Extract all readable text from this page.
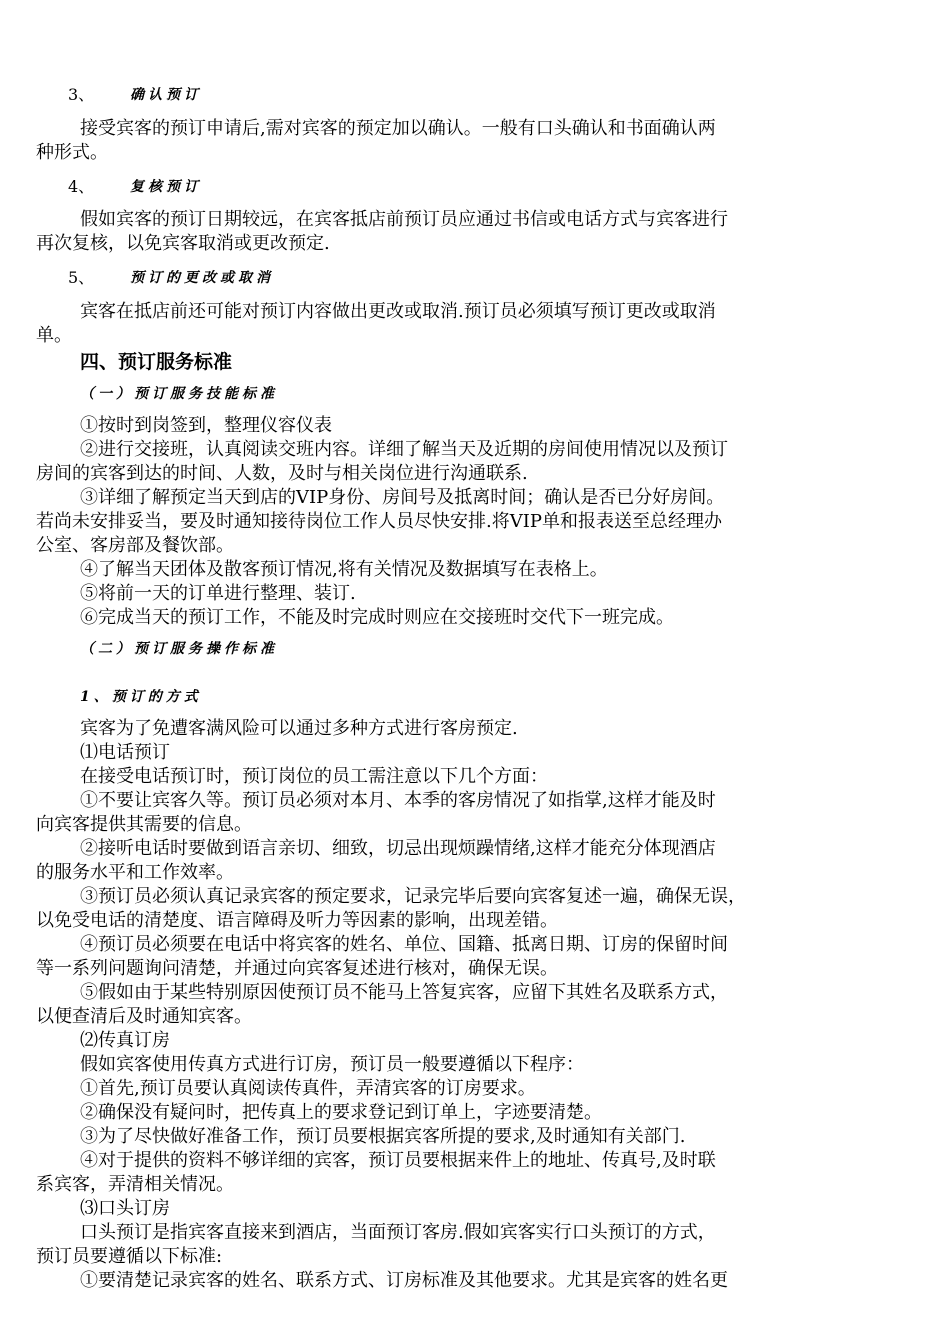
3、	确认预订
接受宾客的预订申请后,需对宾客的预定加以确认。一般有口头确认和书面确认两
种形式。
4、	复核预订
假如宾客的预订日期较远，在宾客抵店前预订员应通过书信或电话方式与宾客进行
再次复核，以免宾客取消或更改预定.
5、	预订的更改或取消
宾客在抵店前还可能对预订内容做出更改或取消.预订员必须填写预订更改或取消
单。
四、预订服务标准
（一）预订服务技能标准
①按时到岗签到，整理仪容仪表
②进行交接班，认真阅读交班内容。详细了解当天及近期的房间使用情况以及预订
房间的宾客到达的时间、人数，及时与相关岗位进行沟通联系.
③详细了解预定当天到店的VIP身份、房间号及抵离时间；确认是否已分好房间。
若尚未安排妥当，要及时通知接待岗位工作人员尽快安排.将VIP单和报表送至总经理办
公室、客房部及餐饮部。
④了解当天团体及散客预订情况,将有关情况及数据填写在表格上。
⑤将前一天的订单进行整理、装订.
⑥完成当天的预订工作，不能及时完成时则应在交接班时交代下一班完成。
（二）预订服务操作标准
1、预订的方式
宾客为了免遭客满风险可以通过多种方式进行客房预定.
⑴电话预订
在接受电话预订时，预订岗位的员工需注意以下几个方面：
①不要让宾客久等。预订员必须对本月、本季的客房情况了如指掌,这样才能及时
向宾客提供其需要的信息。
②接听电话时要做到语言亲切、细致，切忌出现烦躁情绪,这样才能充分体现酒店
的服务水平和工作效率。
③预订员必须认真记录宾客的预定要求，记录完毕后要向宾客复述一遍，确保无误，
以免受电话的清楚度、语言障碍及听力等因素的影响，出现差错。
④预订员必须要在电话中将宾客的姓名、单位、国籍、抵离日期、订房的保留时间
等一系列问题询问清楚，并通过向宾客复述进行核对，确保无误。
⑤假如由于某些特别原因使预订员不能马上答复宾客，应留下其姓名及联系方式，
以便查清后及时通知宾客。
⑵传真订房
假如宾客使用传真方式进行订房，预订员一般要遵循以下程序：
①首先,预订员要认真阅读传真件，弄清宾客的订房要求。
②确保没有疑问时，把传真上的要求登记到订单上，字迹要清楚。
③为了尽快做好准备工作，预订员要根据宾客所提的要求,及时通知有关部门.
④对于提供的资料不够详细的宾客，预订员要根据来件上的地址、传真号,及时联
系宾客，弄清相关情况。
⑶口头订房
口头预订是指宾客直接来到酒店，当面预订客房.假如宾客实行口头预订的方式，
预订员要遵循以下标准:
①要清楚记录宾客的姓名、联系方式、订房标准及其他要求。尤其是宾客的姓名更
